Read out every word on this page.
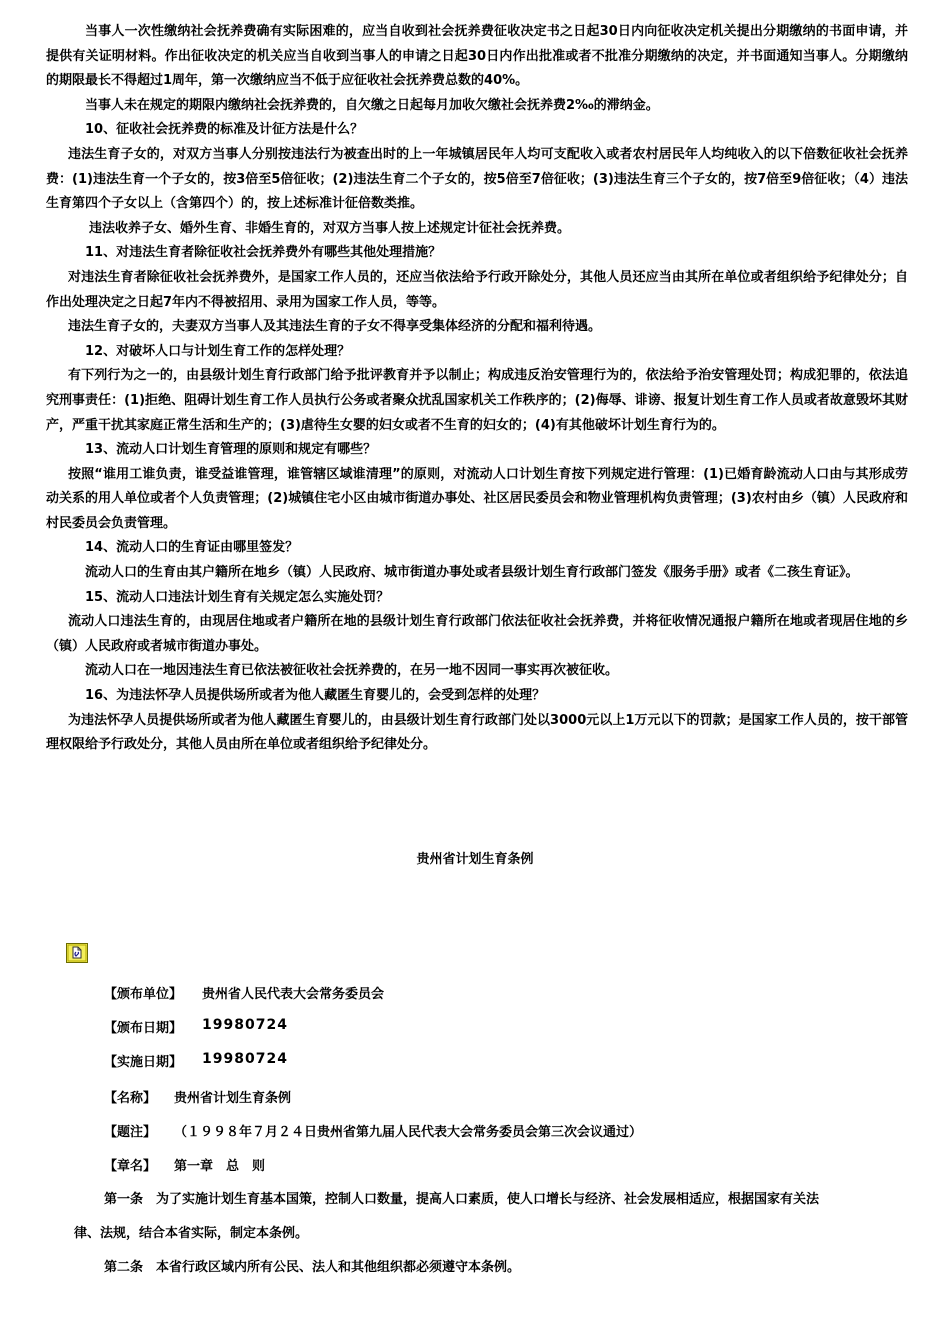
当事人一次性缴纳社会抚养费确有实际困难的，应当自收到社会抚养费征收决定书之日起30日内向征收决定机关提出分期缴纳的书面申请，并提供有关证明材料。作出征收决定的机关应当自收到当事人的申请之日起30日内作出批准或者不批准分期缴纳的决定，并书面通知当事人。分期缴纳的期限最长不得超过1周年，第一次缴纳应当不低于应征收社会抚养费总数的40%。

当事人未在规定的期限内缴纳社会抚养费的，自欠缴之日起每月加收欠缴社会抚养费2‰的滞纳金。

10、征收社会抚养费的标准及计征方法是什么？

违法生育子女的，对双方当事人分别按违法行为被查出时的上一年城镇居民年人均可支配收入或者农村居民年人均纯收入的以下倍数征收社会抚养费：(1)违法生育一个子女的，按3倍至5倍征收；(2)违法生育二个子女的，按5倍至7倍征收；(3)违法生育三个子女的，按7倍至9倍征收；（4）违法生育第四个子女以上（含第四个）的，按上述标准计征倍数类推。

违法收养子女、婚外生育、非婚生育的，对双方当事人按上述规定计征社会抚养费。

11、对违法生育者除征收社会抚养费外有哪些其他处理措施？

对违法生育者除征收社会抚养费外，是国家工作人员的，还应当依法给予行政开除处分，其他人员还应当由其所在单位或者组织给予纪律处分；自作出处理决定之日起7年内不得被招用、录用为国家工作人员，等等。

违法生育子女的，夫妻双方当事人及其违法生育的子女不得享受集体经济的分配和福利待遇。

12、对破坏人口与计划生育工作的怎样处理？

有下列行为之一的，由县级计划生育行政部门给予批评教育并予以制止；构成违反治安管理行为的，依法给予治安管理处罚；构成犯罪的，依法追究刑事责任：(1)拒绝、阻碍计划生育工作人员执行公务或者聚众扰乱国家机关工作秩序的；(2)侮辱、诽谤、报复计划生育工作人员或者故意毁坏其财产，严重干扰其家庭正常生活和生产的；(3)虐待生女婴的妇女或者不生育的妇女的；(4)有其他破坏计划生育行为的。

13、流动人口计划生育管理的原则和规定有哪些？

按照“谁用工谁负责，谁受益谁管理，谁管辖区域谁清理”的原则，对流动人口计划生育按下列规定进行管理：(1)已婚育龄流动人口由与其形成劳动关系的用人单位或者个人负责管理；(2)城镇住宅小区由城市街道办事处、社区居民委员会和物业管理机构负责管理；(3)农村由乡（镇）人民政府和村民委员会负责管理。

14、流动人口的生育证由哪里签发？

流动人口的生育由其户籍所在地乡（镇）人民政府、城市街道办事处或者县级计划生育行政部门签发《服务手册》或者《二孩生育证》。

15、流动人口违法计划生育有关规定怎么实施处罚？

流动人口违法生育的，由现居住地或者户籍所在地的县级计划生育行政部门依法征收社会抚养费，并将征收情况通报户籍所在地或者现居住地的乡（镇）人民政府或者城市街道办事处。

流动人口在一地因违法生育已依法被征收社会抚养费的，在另一地不因同一事实再次被征收。

16、为违法怀孕人员提供场所或者为他人藏匿生育婴儿的，会受到怎样的处理？

为违法怀孕人员提供场所或者为他人藏匿生育婴儿的，由县级计划生育行政部门处以3000元以上1万元以下的罚款；是国家工作人员的，按干部管理权限给予行政处分，其他人员由所在单位或者组织给予纪律处分。

贵州省计划生育条例
【颁布单位】 贵州省人民代表大会常务委员会
【颁布日期】 19980724
【实施日期】 19980724
【名称】 贵州省计划生育条例
【题注】 （１９９８年７月２４日贵州省第九届人民代表大会常务委员会第三次会议通过）
【章名】 第一章　总　则

第一条　为了实施计划生育基本国策，控制人口数量，提高人口素质，使人口增长与经济、社会发展相适应，根据国家有关法

律、法规，结合本省实际，制定本条例。

第二条　本省行政区域内所有公民、法人和其他组织都必须遵守本条例。
